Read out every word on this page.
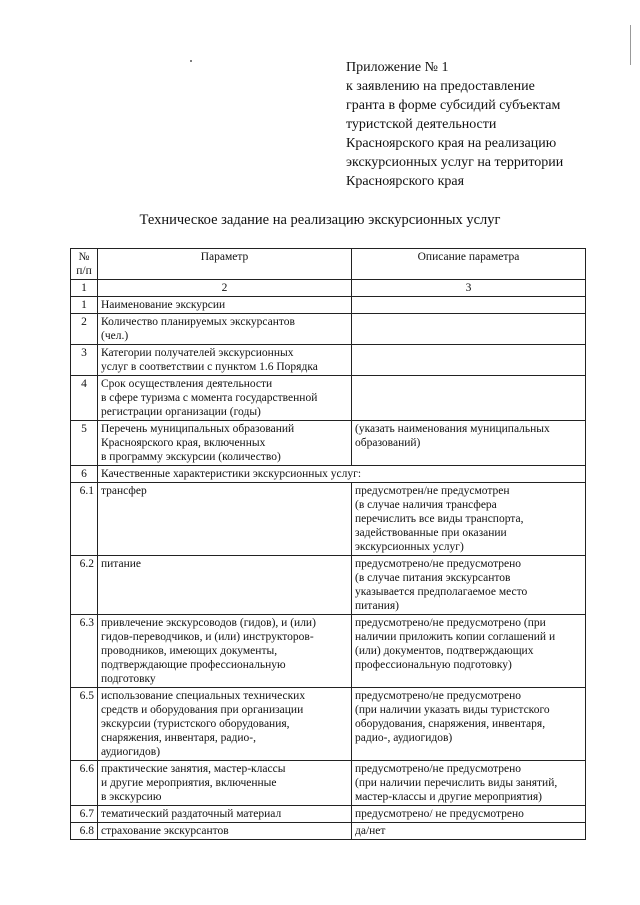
Приложение № 1
к заявлению на предоставление
гранта в форме субсидий субъектам
туристской деятельности
Красноярского края на реализацию
экскурсионных услуг на территории
Красноярского края
Техническое задание на реализацию экскурсионных услуг
№
п/п	Параметр	Описание параметра
1	2	3
1	Наименование экскурсии	

2	Количество планируемых экскурсантов
(чел.)	

3	Категории получателей экскурсионных
услуг в соответствии с пунктом 1.6 Порядка	

4	Срок осуществления деятельности
в сфере туризма с момента государственной
регистрации организации (годы)	

5	Перечень муниципальных образований
Красноярского края, включенных
в программу экскурсии (количество)	(указать наименования муниципальных
образований)

6	Качественные характеристики экскурсионных услуг:	

6.1	трансфер	предусмотрен/не предусмотрен
(в случае наличия трансфера
перечислить все виды транспорта,
задействованные при оказании
экскурсионных услуг)

6.2	питание	предусмотрено/не предусмотрено
(в случае питания экскурсантов
указывается предполагаемое место
питания)

6.3	привлечение экскурсоводов (гидов), и (или)
гидов-переводчиков, и (или) инструкторов-
проводников, имеющих документы,
подтверждающие профессиональную
подготовку	предусмотрено/не предусмотрено (при
наличии приложить копии соглашений и
(или) документов, подтверждающих
профессиональную подготовку)

6.5	использование специальных технических
средств и оборудования при организации
экскурсии (туристского оборудования,
снаряжения, инвентаря, радио-,
аудиогидов)	предусмотрено/не предусмотрено
(при наличии указать виды туристского
оборудования, снаряжения, инвентаря,
радио-, аудиогидов)

6.6	практические занятия, мастер-классы
и другие мероприятия, включенные
в экскурсию	предусмотрено/не предусмотрено
(при наличии перечислить виды занятий,
мастер-классы и другие мероприятия)

6.7	тематический раздаточный материал	предусмотрено/ не предусмотрено

6.8	страхование экскурсантов	да/нет
